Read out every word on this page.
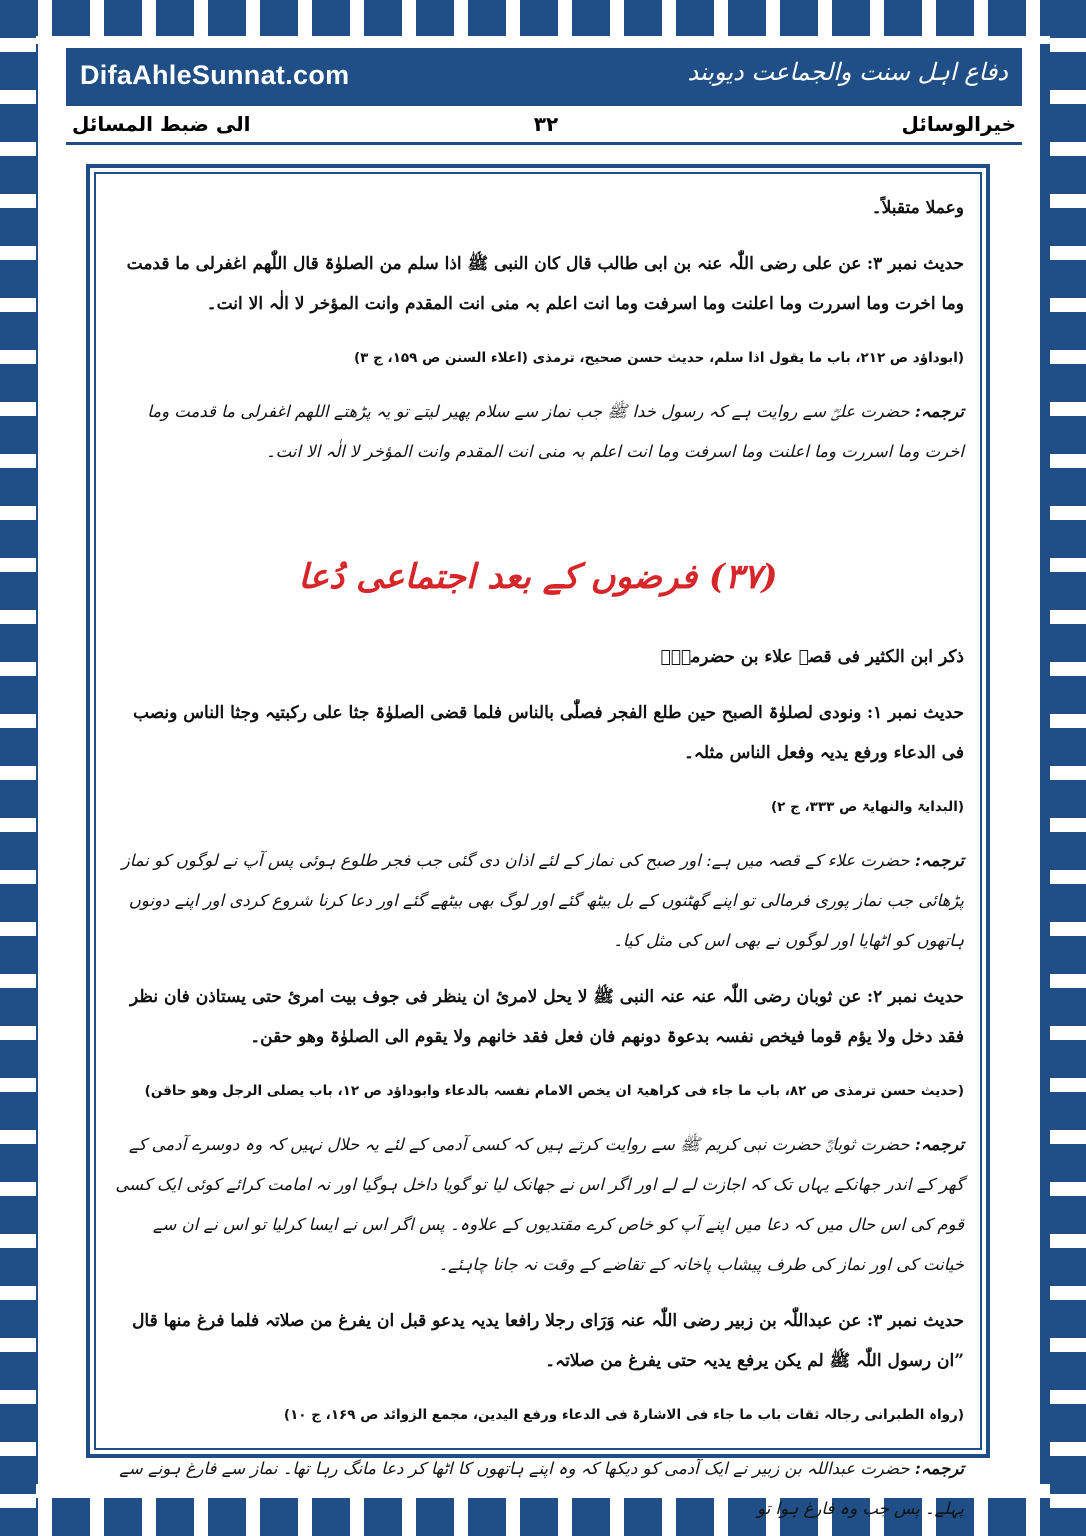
DifaAhleSunnat.com	دفاع اہل سنت والجماعت دیوبند
خیرالوسائل
۳۲
الی ضبط المسائل

وعملا متقبلاً۔

حدیث نمبر ۳: عن علی رضی اللّٰہ عنہ بن ابی طالب قال کان النبی ﷺ اذا سلم من الصلوٰۃ قال اللّٰھم اغفرلی ما قدمت وما اخرت وما اسررت وما اعلنت وما اسرفت وما انت اعلم بہ منی انت المقدم وانت المؤخر لا الٰہ الا انت۔

(ابوداؤد ص ۲۱۲، باب ما یقول اذا سلم، حدیث حسن صحیح، ترمذی (اعلاء السنن ص ۱۵۹، ج ۳)

ترجمہ: حضرت علیؓ سے روایت ہے کہ رسول خدا ﷺ جب نماز سے سلام پھیر لیتے تو یہ پڑھتے اللھم اغفرلی ما قدمت وما اخرت وما اسررت وما اعلنت وما اسرفت وما انت اعلم بہ منی انت المقدم وانت المؤخر لا الٰہ الا انت۔

(۳۷) فرضوں کے بعد اجتماعی دُعا

ذکر ابن الکثیر فی قصۃ علاء بن حضرمیؓ۔

حدیث نمبر ۱: ونودی لصلوٰۃ الصبح حین طلع الفجر فصلّٰی بالناس فلما قضی الصلوٰۃ جثا علی رکبتیہ وجثا الناس ونصب فی الدعاء ورفع یدیہ وفعل الناس مثلہ۔

(البدایۃ والنھایۃ ص ۳۳۳، ج ۲)

ترجمہ: حضرت علاء کے قصہ میں ہے: اور صبح کی نماز کے لئے اذان دی گئی جب فجر طلوع ہوئی پس آپ نے لوگوں کو نماز پڑھائی جب نماز پوری فرمالی تو اپنے گھٹنوں کے بل بیٹھ گئے اور لوگ بھی بیٹھے گئے اور دعا کرنا شروع کردی اور اپنے دونوں ہاتھوں کو اٹھایا اور لوگوں نے بھی اس کی مثل کیا۔

حدیث نمبر ۲: عن ثوبان رضی اللّٰہ عنہ عنہ النبی ﷺ لا یحل لامرئ ان ینظر فی جوف بیت امرئ حتی یستاذن فان نظر فقد دخل ولا یؤم قوما فیخص نفسہ بدعوۃ دونھم فان فعل فقد خانھم ولا یقوم الی الصلوٰۃ وھو حقن۔

(حدیث حسن ترمذی ص ۸۲، باب ما جاء فی کراھیۃ ان یخص الامام نفسہ بالدعاء وابوداؤد ص ۱۲، باب یصلی الرجل وھو حاقن)

ترجمہ: حضرت ثوبانؓ حضرت نبی کریم ﷺ سے روایت کرتے ہیں کہ کسی آدمی کے لئے یہ حلال نہیں کہ وہ دوسرے آدمی کے گھر کے اندر جھانکے یہاں تک کہ اجازت لے لے اور اگر اس نے جھانک لیا تو گویا داخل ہوگیا اور نہ امامت کرائے کوئی ایک کسی قوم کی اس حال میں کہ دعا میں اپنے آپ کو خاص کرے مقتدیوں کے علاوہ۔ پس اگر اس نے ایسا کرلیا تو اس نے ان سے خیانت کی اور نماز کی طرف پیشاب پاخانہ کے تقاضے کے وقت نہ جانا چاہئے۔

حدیث نمبر ۳: عن عبداللّٰہ بن زبیر رضی اللّٰہ عنہ وَرَای رجلا رافعا یدیہ یدعو قبل ان یفرغ من صلاتہ فلما فرغ منھا قال ”ان رسول اللّٰہ ﷺ لم یکن یرفع یدیہ حتی یفرغ من صلاتہ۔

(رواہ الطبرانی رجالہ ثقات باب ما جاء فی الاشارۃ فی الدعاء ورفع الیدین، مجمع الزوائد ص ۱۶۹، ج ۱۰)

ترجمہ: حضرت عبداللہ بن زبیر نے ایک آدمی کو دیکھا کہ وہ اپنے ہاتھوں کا اٹھا کر دعا مانگ رہا تھا۔ نماز سے فارغ ہونے سے پہلے۔ پس جب وہ فارغ ہوا تو
